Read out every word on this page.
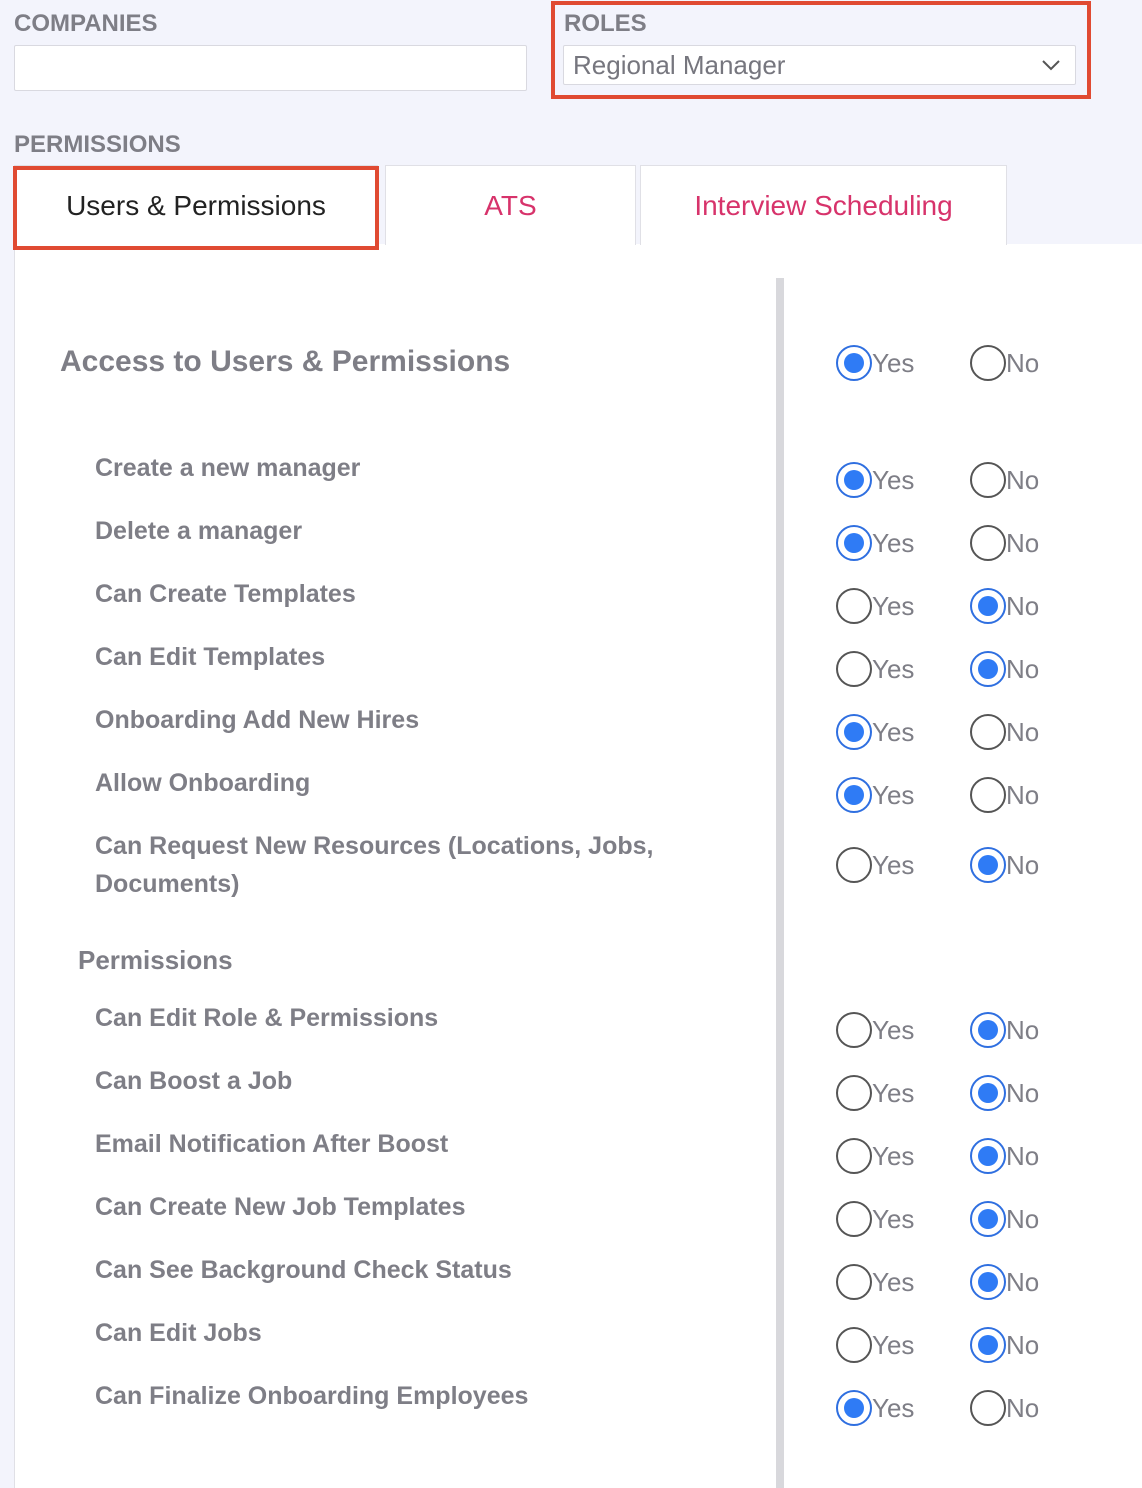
COMPANIES	ROLES
Regional Manager
PERMISSIONS
Users & Permissions	ATS	Interview Scheduling
Access to Users & Permissions	Yes	No
Create a new manager	Yes	No
Delete a manager	Yes	No
Can Create Templates	Yes	No
Can Edit Templates	Yes	No
Onboarding Add New Hires	Yes	No
Allow Onboarding	Yes	No
Can Request New Resources (Locations, Jobs, Documents)
Yes	No
Permissions
Can Edit Role & Permissions	Yes	No
Can Boost a Job	Yes	No
Email Notification After Boost	Yes	No
Can Create New Job Templates	Yes	No
Can See Background Check Status	Yes	No
Can Edit Jobs	Yes	No
Can Finalize Onboarding Employees	Yes	No
